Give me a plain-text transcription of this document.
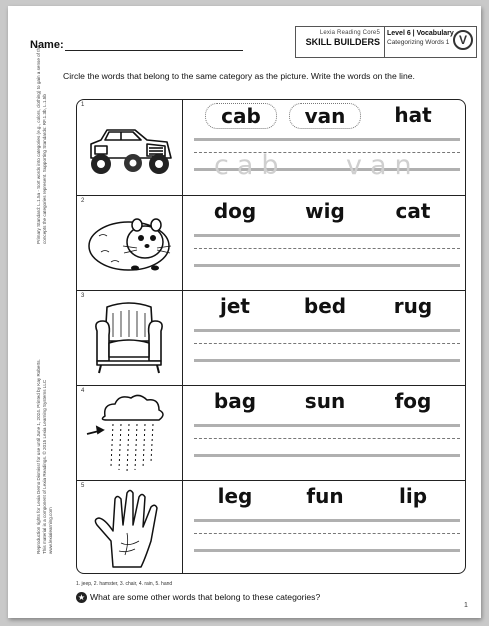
Name:
Lexia Reading Core5
SKILL BUILDERS
Level 6 | Vocabulary
Categorizing Words 1 V
Circle the words that belong to the same category as the picture. Write the words on the line.
Primary Standard: L.1.5a - Sort words into categories (e.g., colors, clothing) to gain a sense of the concepts the categories represent. Supporting Standards: RF.1.3b, L.1.5b
Reproduction rights for Lexia Demo Dismiss! for use until June 1, 2024. Printed by Kay Roberts. This material is a component of Lexia Readings. © 2015 Lexia Learning Systems LLC www.lexialearning.com
1	cab	van	hat
cab van
2	dog	wig	cat
3	jet	bed	rug
4	bag	sun	fog
5	leg	fun	lip
1. jeep, 2. hamster, 3. chair, 4. rain, 5. hand
★ What are some other words that belong to these categories?
1
